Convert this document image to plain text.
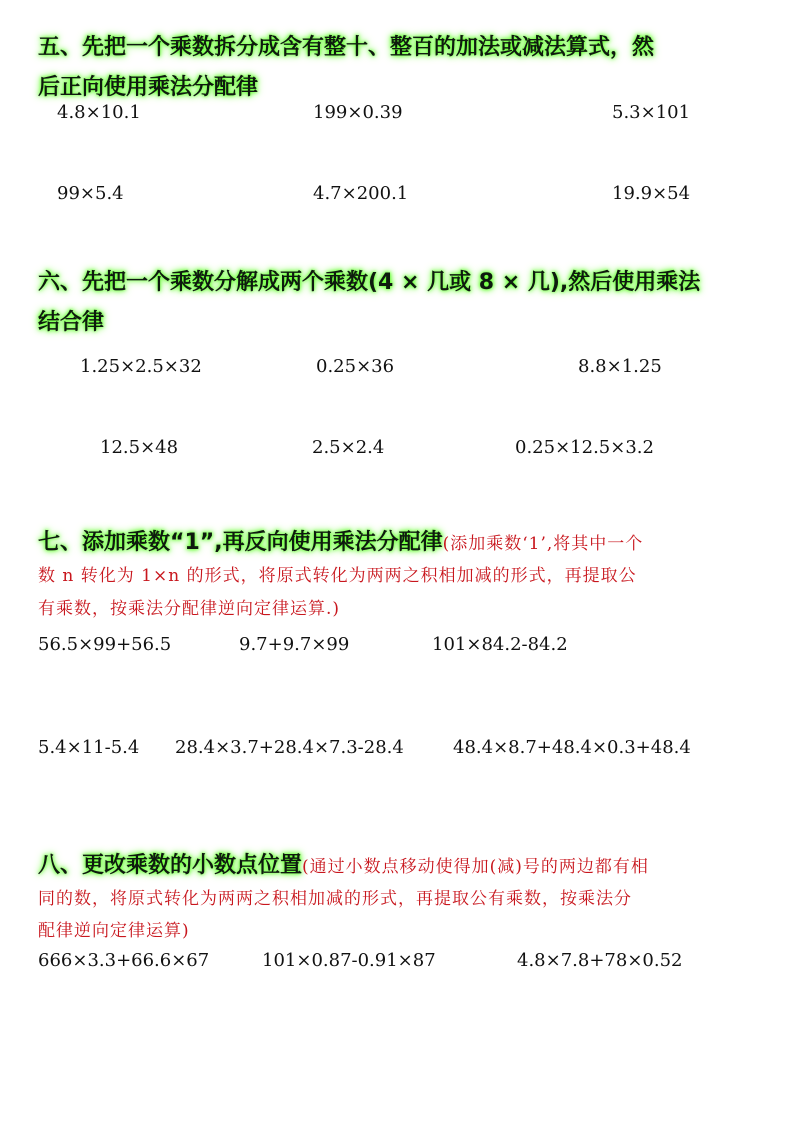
五、先把一个乘数拆分成含有整十、整百的加法或减法算式，然
后正向使用乘法分配律
4.8×10.1	199×0.39	5.3×101
99×5.4	4.7×200.1	19.9×54
六、先把一个乘数分解成两个乘数(4 × 几或 8 × 几),然后使用乘法
结合律
1.25×2.5×32	0.25×36	8.8×1.25
12.5×48	2.5×2.4	0.25×12.5×3.2
七、添加乘数“1”,再反向使用乘法分配律(添加乘数‘1’,将其中一个
数 n 转化为 1×n 的形式，将原式转化为两两之积相加减的形式，再提取公
有乘数，按乘法分配律逆向定律运算.)
56.5×99+56.5	9.7+9.7×99	101×84.2-84.2
5.4×11-5.4 28.4×3.7+28.4×7.3-28.4	48.4×8.7+48.4×0.3+48.4
八、更改乘数的小数点位置(通过小数点移动使得加(减)号的两边都有相
同的数，将原式转化为两两之积相加减的形式，再提取公有乘数，按乘法分
配律逆向定律运算)
666×3.3+66.6×67	101×0.87-0.91×87	4.8×7.8+78×0.52
